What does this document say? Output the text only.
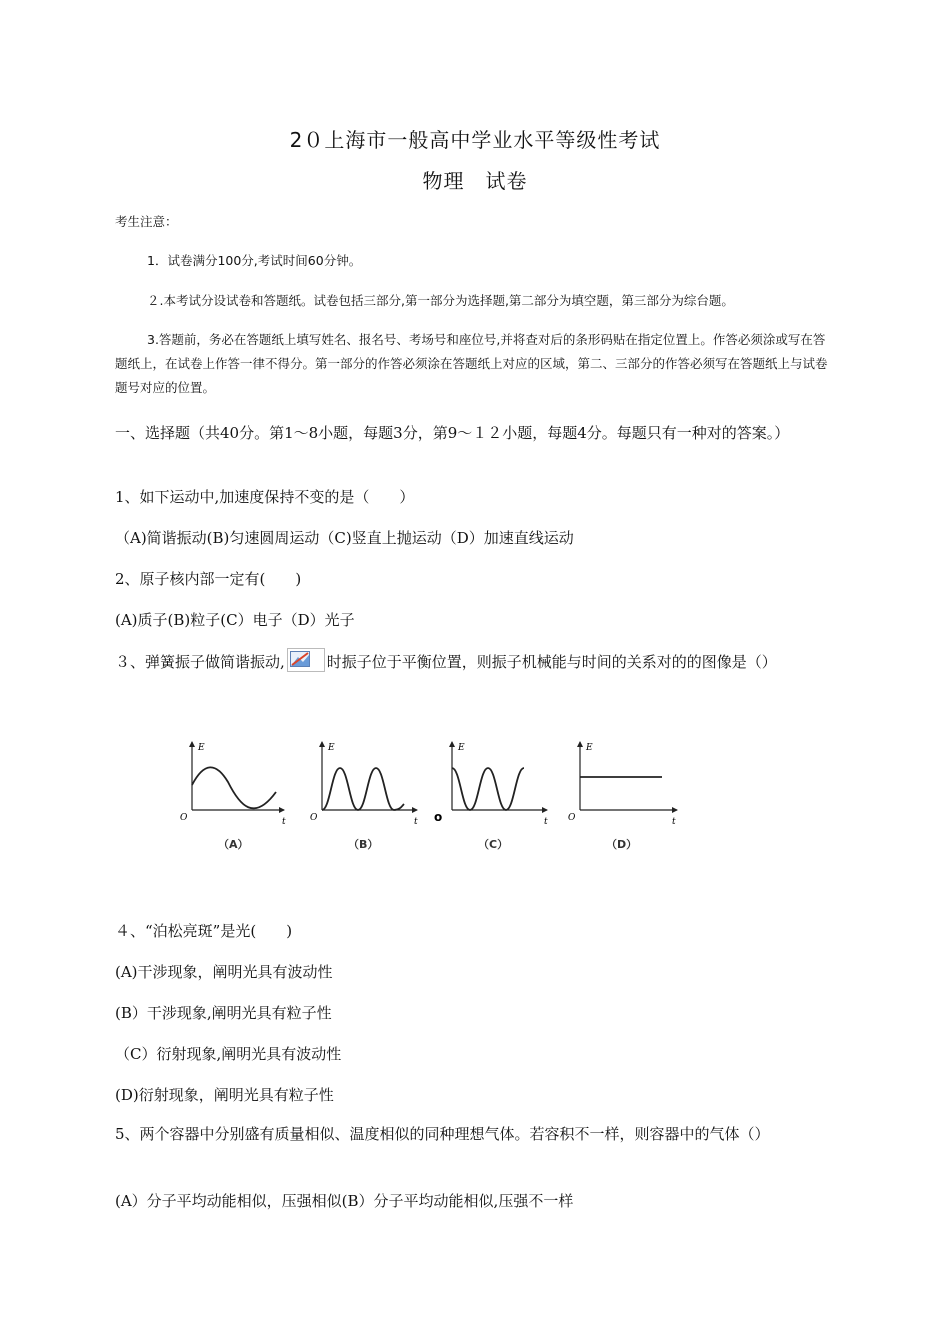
2０上海市一般高中学业水平等级性考试
物理　试卷
考生注意：
1．试卷满分100分,考试时间60分钟。
２.本考试分设试卷和答题纸。试卷包括三部分,第一部分为选择题,第二部分为填空题，第三部分为综台题。
3.答题前，务必在答题纸上填写姓名、报名号、考场号和座位号,并将查对后的条形码贴在指定位置上。作答必须涂或写在答题纸上，在试卷上作答一律不得分。第一部分的作答必须涂在答题纸上对应的区域，第二、三部分的作答必须写在答题纸上与试卷题号对应的位置。
一、选择题（共40分。第1～8小题，每题3分，第9～１２小题，每题4分。每题只有一种对的答案。）
1、如下运动中,加速度保持不变的是（　　）
（A)简谐振动(B)匀速圆周运动（C)竖直上抛运动（D）加速直线运动
2、原子核内部一定有(　　)
(A)质子(B)粒子(C）电子（D）光子
３、弹簧振子做简谐振动,	时振子位于平衡位置，则振子机械能与时间的关系对的的图像是（）
E
O	t
（A）
E
O	t
（B）
E
o	t
（C）
E
O	t
（D）
４、“泊松亮斑”是光(　　)
(A)干涉现象，阐明光具有波动性
(B）干涉现象,阐明光具有粒子性
（C）衍射现象,阐明光具有波动性
(D)衍射现象，阐明光具有粒子性
5、两个容器中分别盛有质量相似、温度相似的同种理想气体。若容积不一样，则容器中的气体（）
(A）分子平均动能相似，压强相似(B）分子平均动能相似,压强不一样
